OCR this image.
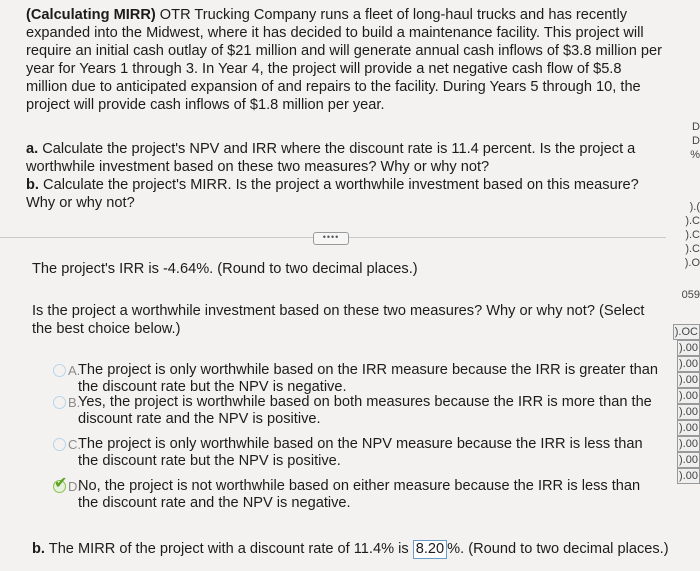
(Calculating MIRR) OTR Trucking Company runs a fleet of long-haul trucks and has recently expanded into the Midwest, where it has decided to build a maintenance facility. This project will require an initial cash outlay of $21 million and will generate annual cash inflows of $3.8 million per year for Years 1 through 3. In Year 4, the project will provide a net negative cash flow of $5.8 million due to anticipated expansion of and repairs to the facility. During Years 5 through 10, the project will provide cash inflows of $1.8 million per year.

a. Calculate the project's NPV and IRR where the discount rate is 11.4 percent. Is the project a worthwhile investment based on these two measures? Why or why not?
b. Calculate the project's MIRR. Is the project a worthwhile investment based on this measure? Why or why not?
••••
The project's IRR is -4.64%. (Round to two decimal places.)
Is the project a worthwhile investment based on these two measures? Why or why not? (Select the best choice below.)
A.
The project is only worthwhile based on the IRR measure because the IRR is greater than the discount rate but the NPV is negative.
B.
Yes, the project is worthwhile based on both measures because the IRR is more than the discount rate and the NPV is positive.
C.
The project is only worthwhile based on the NPV measure because the IRR is less than the discount rate but the NPV is positive.
✔ D.
No, the project is not worthwhile based on either measure because the IRR is less than the discount rate and the NPV is negative.
b. The MIRR of the project with a discount rate of 11.4% is 8.20 %. (Round to two decimal places.)
D
D
%
).(
).C
).C
).C
).O
059
).OC
).00
).00
).00
).00
).00
).00
).00
).00
).00
